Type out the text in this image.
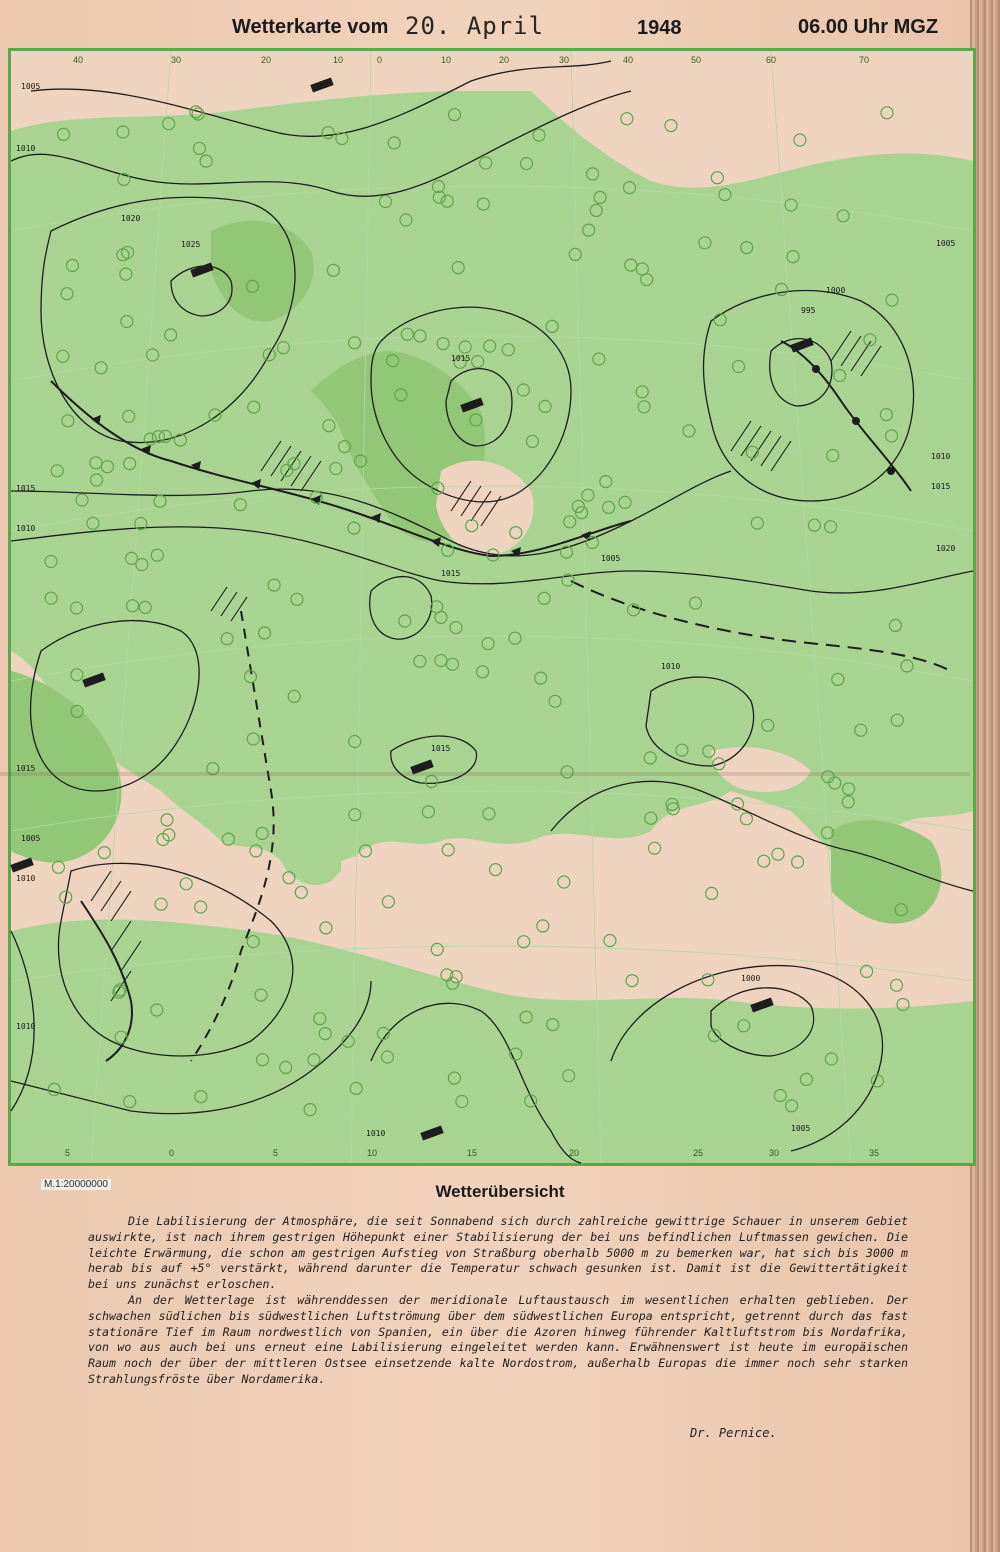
Wetterkarte vom 20. April	1948	06.00 Uhr MGZ
40	30	20	10	0	10	20	30	40	50	60	70
5	0	5	10	15	20	25	30	35
1005
1010
1020
1025
1015
1000
995
1005
1010
1015
1020
1015
1005
1010
1015
1005
1010
1010
1015
1010
1015
1000
1005
1010
M.1:20000000	Wetterübersicht

Die Labilisierung der Atmosphäre, die seit Sonnabend sich durch zahlreiche gewittrige Schauer in unserem Gebiet auswirkte, ist nach ihrem gestrigen Höhepunkt einer Stabilisierung der bei uns befindlichen Luftmassen gewichen. Die leichte Erwärmung, die schon am gestrigen Aufstieg von Straßburg oberhalb 5000 m zu bemerken war, hat sich bis 3000 m herab bis auf +5° verstärkt, während darunter die Temperatur schwach gesunken ist. Damit ist die Gewittertätigkeit bei uns zunächst erloschen.

An der Wetterlage ist währenddessen der meridionale Luftaustausch im wesentlichen erhalten geblieben. Der schwachen südlichen bis südwestlichen Luftströmung über dem südwestlichen Europa entspricht, getrennt durch das fast stationäre Tief im Raum nordwestlich von Spanien, ein über die Azoren hinweg führender Kaltluftstrom bis Nordafrika, von wo aus auch bei uns erneut eine Labilisierung eingeleitet werden kann. Erwähnenswert ist heute im europäischen Raum noch der über der mittleren Ostsee einsetzende kalte Nordostrom, außerhalb Europas die immer noch sehr starken Strahlungsfröste über Nordamerika.

Dr. Pernice.
